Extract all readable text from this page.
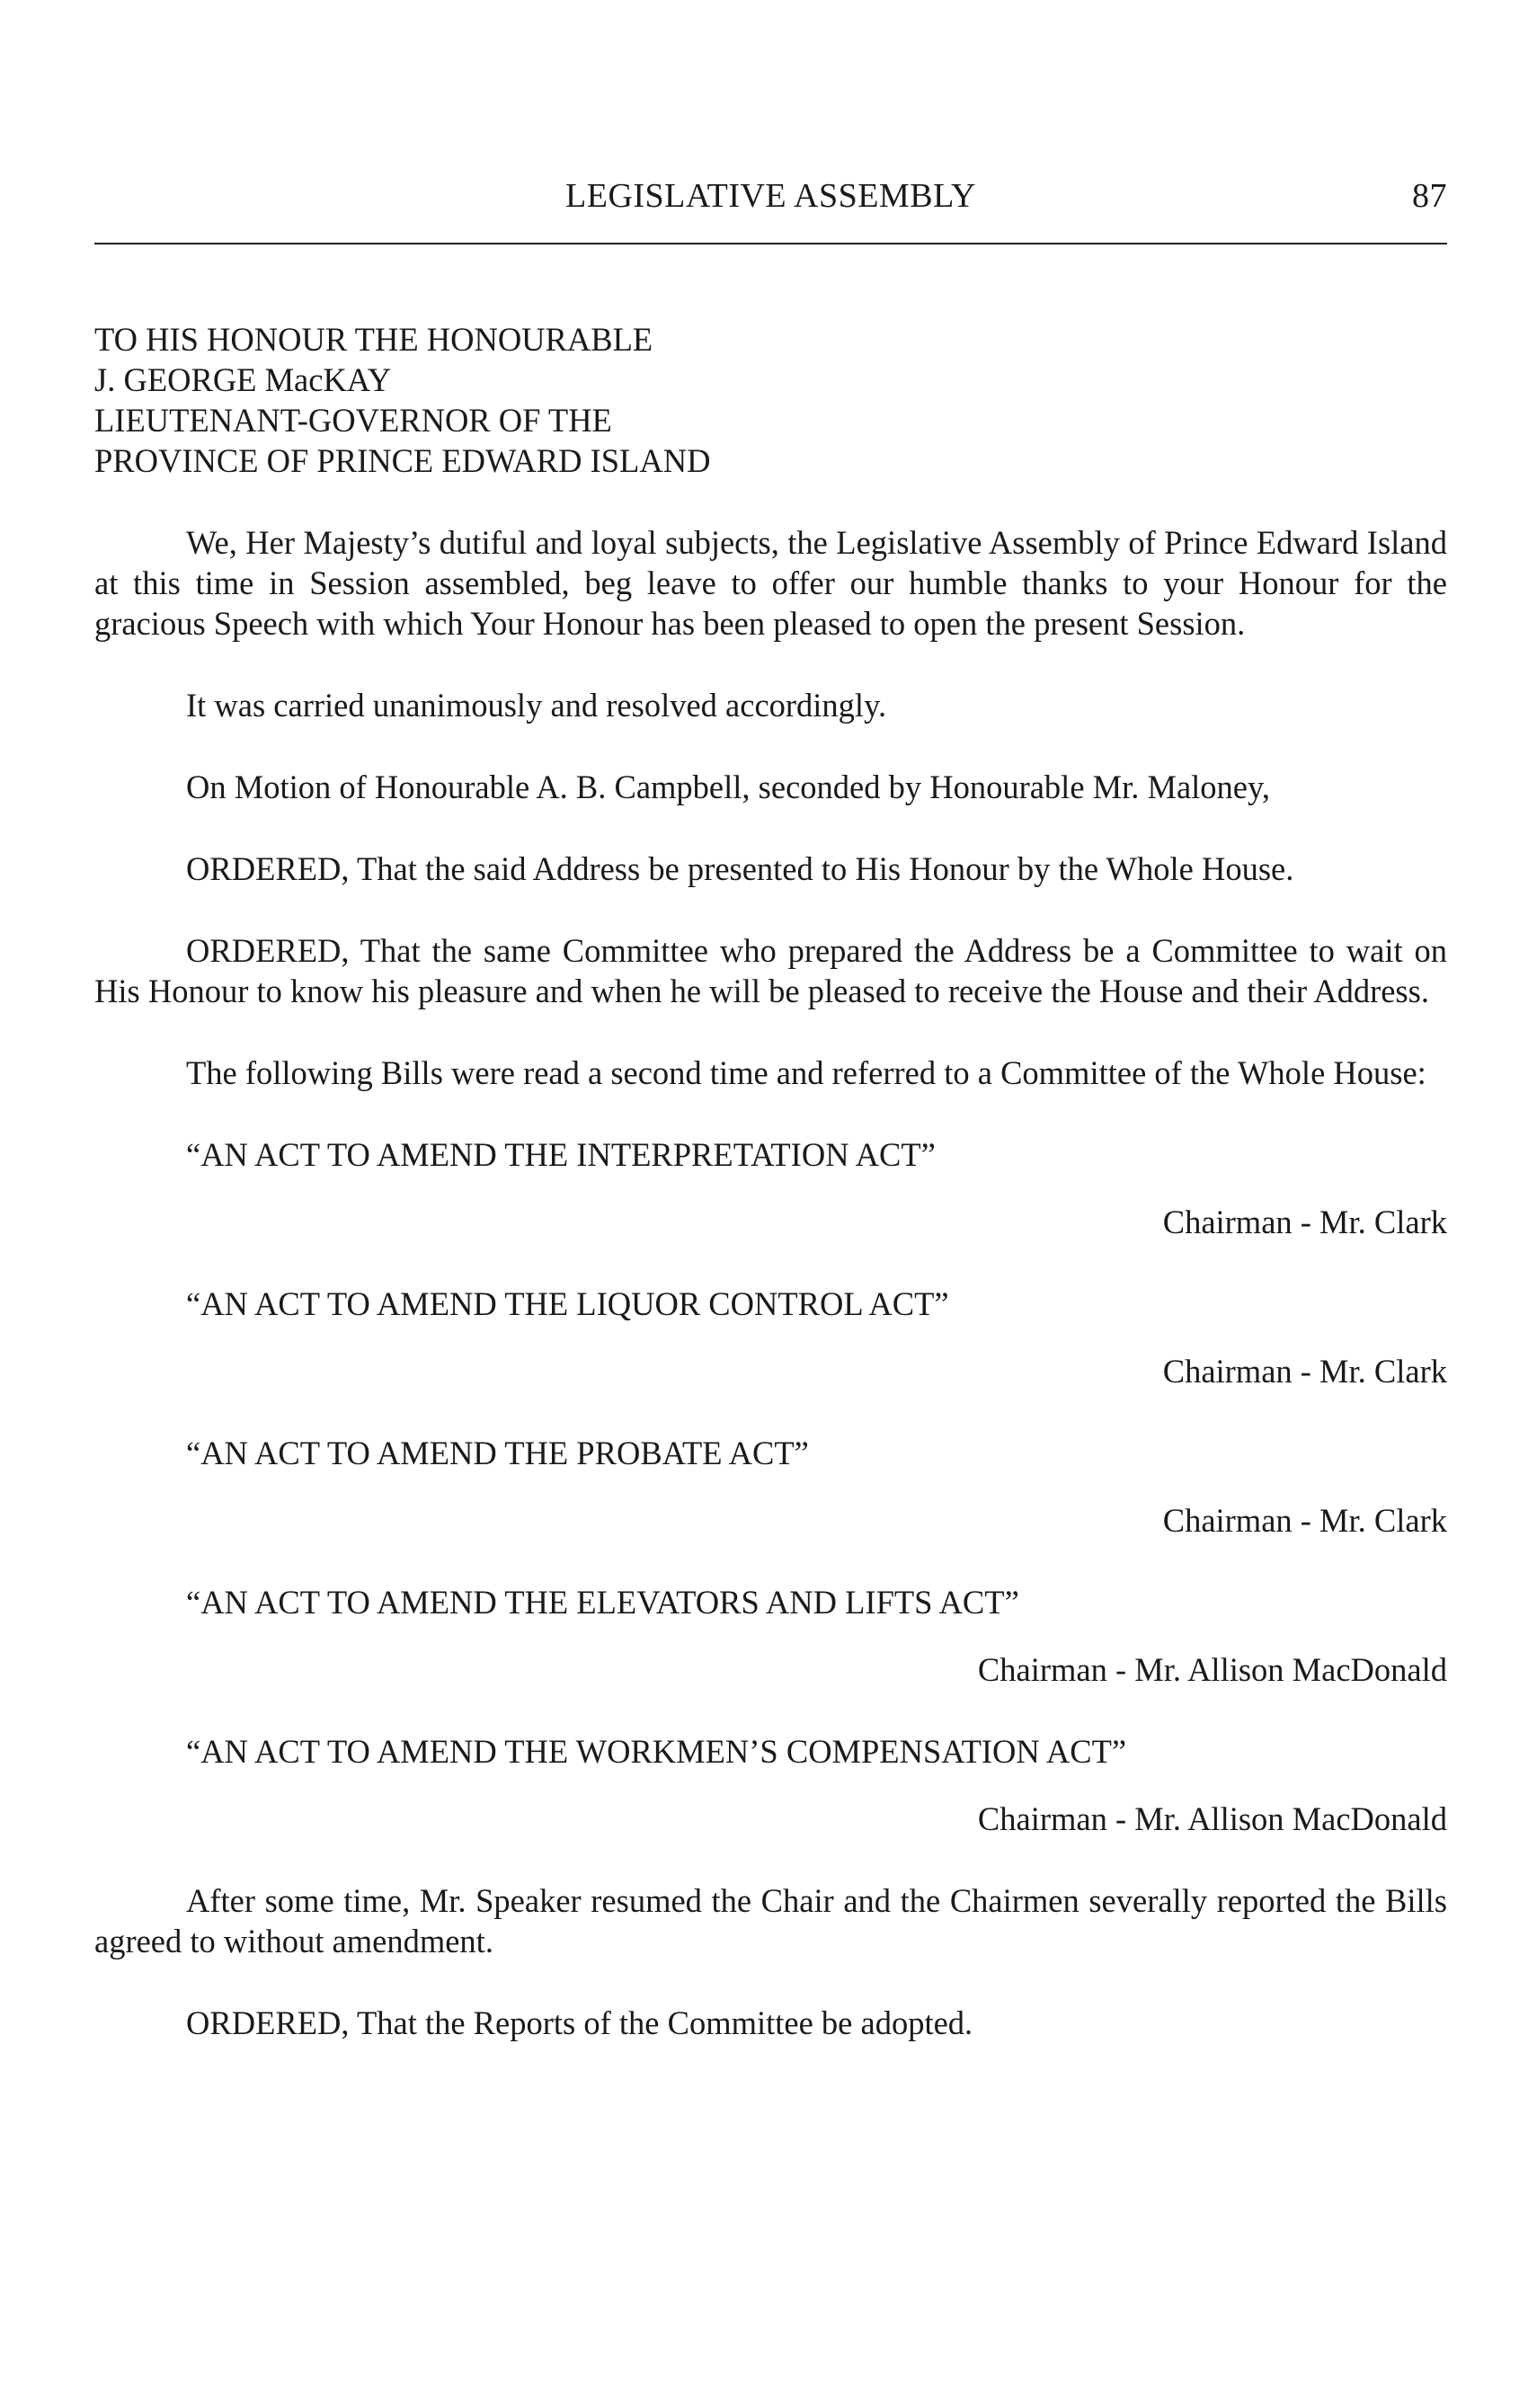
LEGISLATIVE ASSEMBLY	87
TO HIS HONOUR THE HONOURABLE
J. GEORGE MacKAY
LIEUTENANT-GOVERNOR OF THE
PROVINCE OF PRINCE EDWARD ISLAND

We, Her Majesty’s dutiful and loyal subjects, the Legislative Assembly of Prince Edward Island at this time in Session assembled, beg leave to offer our humble thanks to your Honour for the gracious Speech with which Your Honour has been pleased to open the present Session.

It was carried unanimously and resolved accordingly.

On Motion of Honourable A. B. Campbell, seconded by Honourable Mr. Maloney,

ORDERED, That the said Address be presented to His Honour by the Whole House.

ORDERED, That the same Committee who prepared the Address be a Committee to wait on His Honour to know his pleasure and when he will be pleased to receive the House and their Address.

The following Bills were read a second time and referred to a Committee of the Whole House:

“AN ACT TO AMEND THE INTERPRETATION ACT”
Chairman - Mr. Clark
“AN ACT TO AMEND THE LIQUOR CONTROL ACT”
Chairman - Mr. Clark
“AN ACT TO AMEND THE PROBATE ACT”
Chairman - Mr. Clark
“AN ACT TO AMEND THE ELEVATORS AND LIFTS ACT”
Chairman - Mr. Allison MacDonald
“AN ACT TO AMEND THE WORKMEN’S COMPENSATION ACT”
Chairman - Mr. Allison MacDonald

After some time, Mr. Speaker resumed the Chair and the Chairmen severally reported the Bills agreed to without amendment.

ORDERED, That the Reports of the Committee be adopted.
